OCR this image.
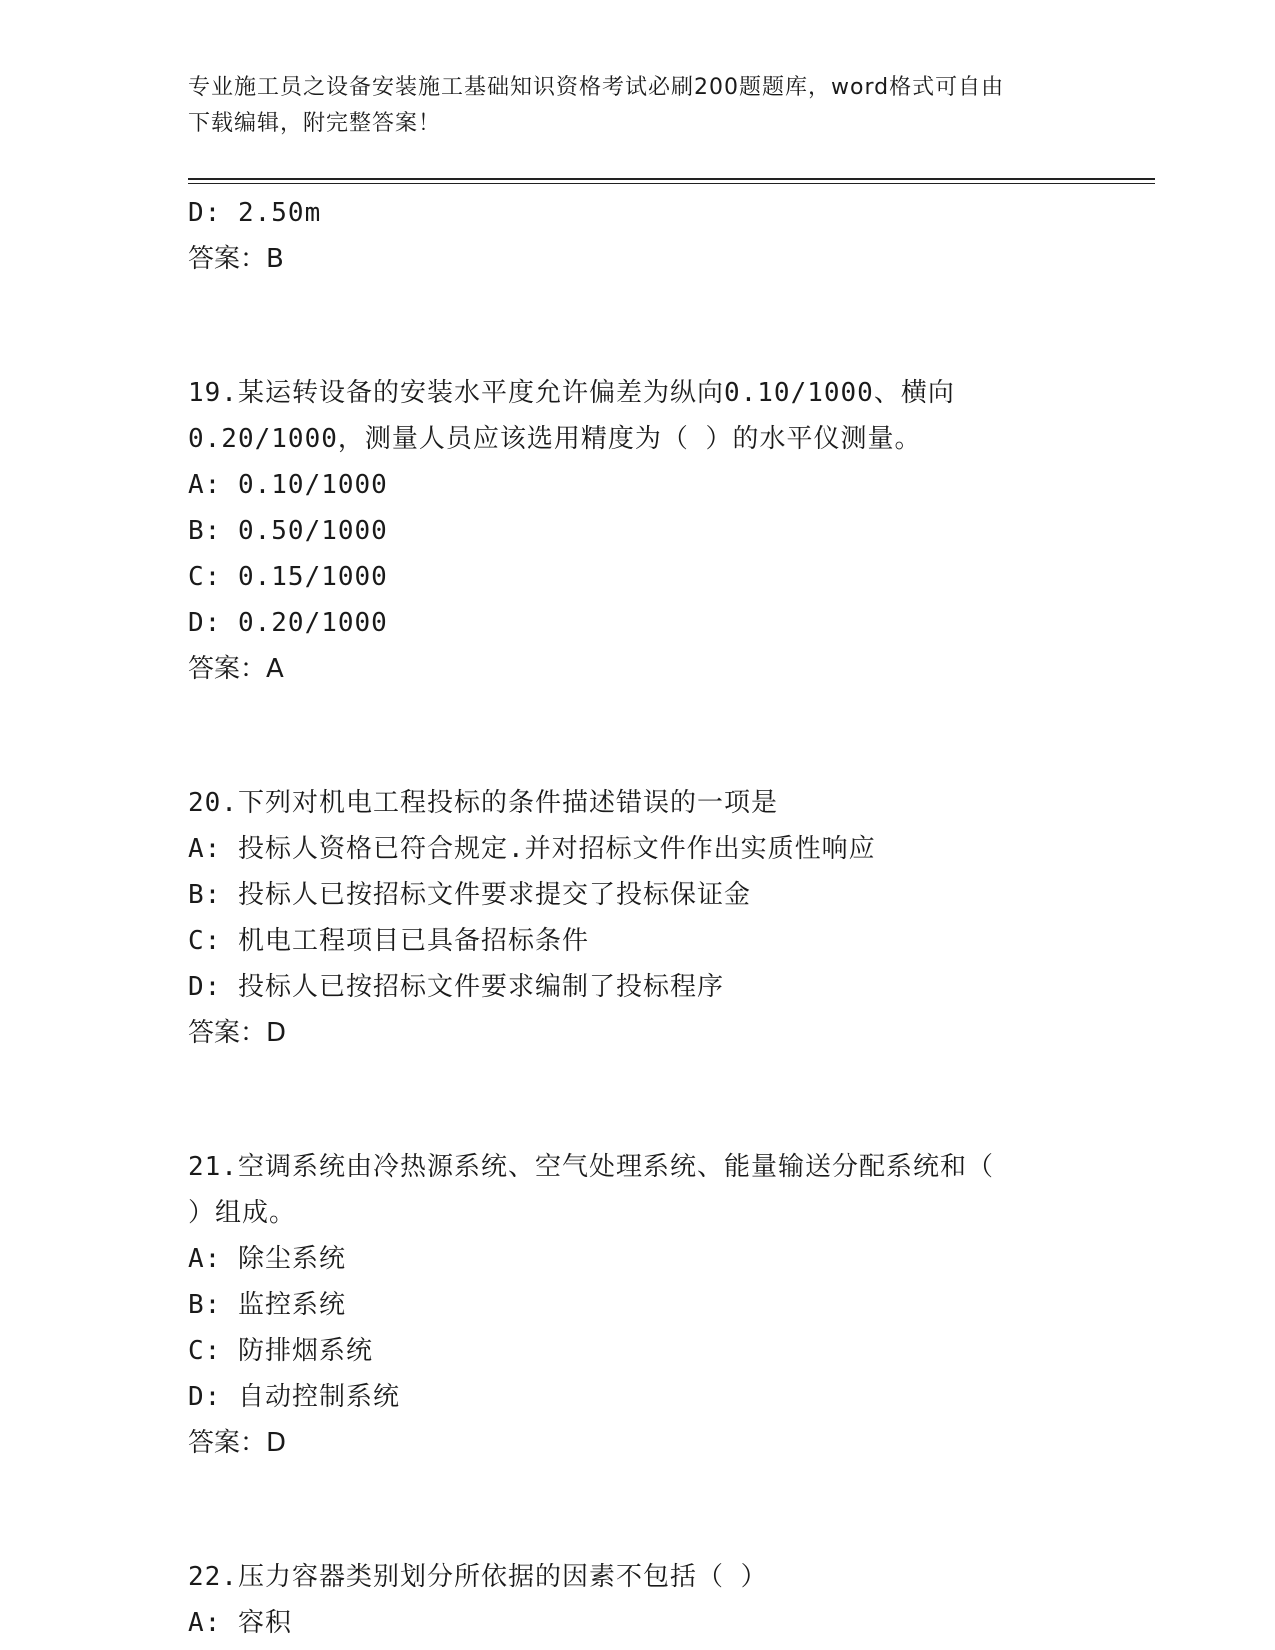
专业施工员之设备安装施工基础知识资格考试必刷200题题库，word格式可自由
下载编辑，附完整答案！
D: 2.50m
答案：B
19.某运转设备的安装水平度允许偏差为纵向0.10/1000、横向
0.20/1000，测量人员应该选用精度为（ ）的水平仪测量。
A: 0.10/1000
B: 0.50/1000
C: 0.15/1000
D: 0.20/1000
答案：A
20.下列对机电工程投标的条件描述错误的一项是
A: 投标人资格已符合规定.并对招标文件作出实质性响应
B: 投标人已按招标文件要求提交了投标保证金
C: 机电工程项目已具备招标条件
D: 投标人已按招标文件要求编制了投标程序
答案：D
21.空调系统由冷热源系统、空气处理系统、能量输送分配系统和（
）组成。
A: 除尘系统
B: 监控系统
C: 防排烟系统
D: 自动控制系统
答案：D
22.压力容器类别划分所依据的因素不包括（ ）
A: 容积
